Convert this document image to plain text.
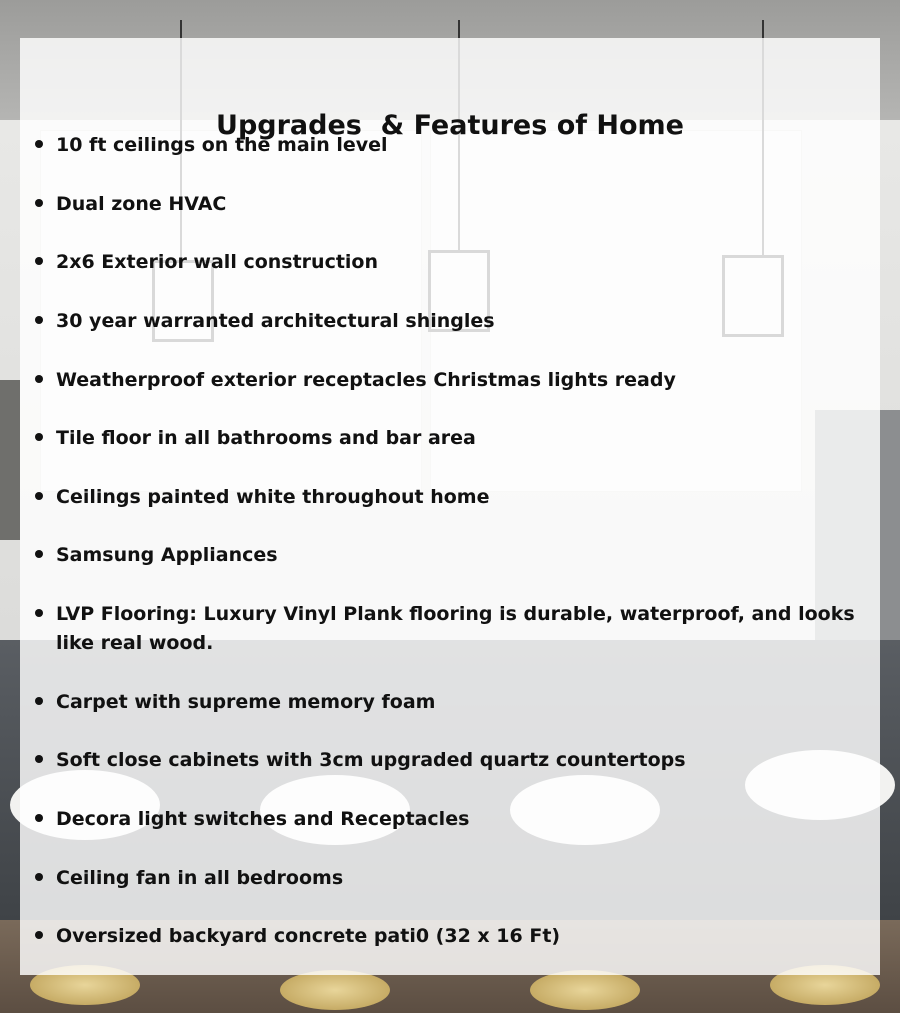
Upgrades  & Features of Home
10 ft ceilings on the main level
Dual zone HVAC
2x6 Exterior wall construction
30 year warranted architectural shingles
Weatherproof exterior receptacles Christmas lights ready
Tile floor in all bathrooms and bar area
Ceilings painted white throughout home
Samsung Appliances
LVP Flooring: Luxury Vinyl Plank flooring is durable, waterproof, and looks like real wood.
Carpet with supreme memory foam
Soft close cabinets with 3cm upgraded quartz countertops
Decora light switches and Receptacles
Ceiling fan in all bedrooms
Oversized backyard concrete pati0 (32 x 16 Ft)
